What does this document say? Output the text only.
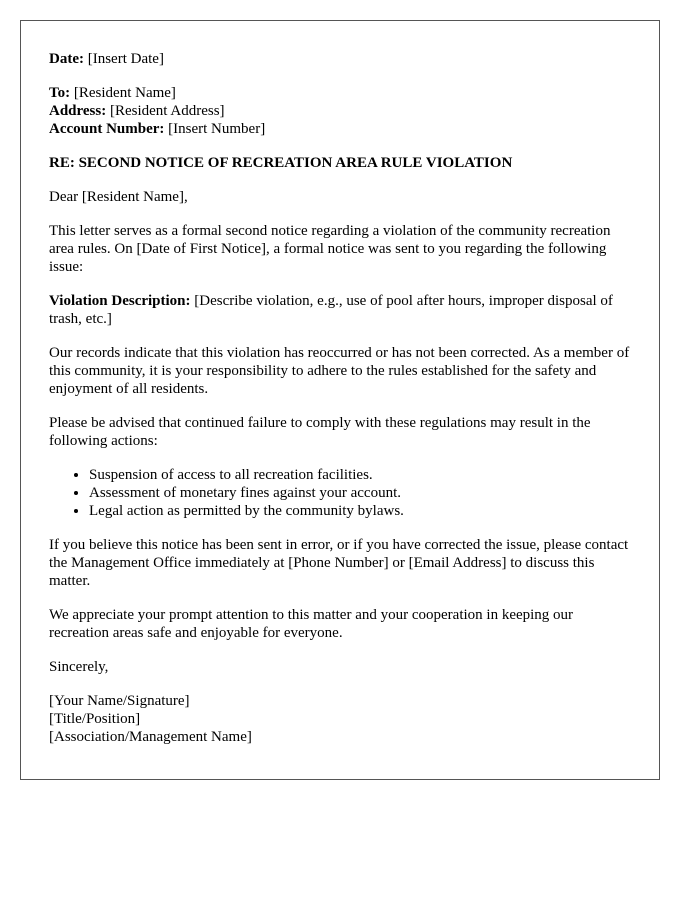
Date: [Insert Date]

To: [Resident Name]
Address: [Resident Address]
Account Number: [Insert Number]

RE: SECOND NOTICE OF RECREATION AREA RULE VIOLATION

Dear [Resident Name],

This letter serves as a formal second notice regarding a violation of the community recreation area rules. On [Date of First Notice], a formal notice was sent to you regarding the following issue:

Violation Description: [Describe violation, e.g., use of pool after hours, improper disposal of trash, etc.]

Our records indicate that this violation has reoccurred or has not been corrected. As a member of this community, it is your responsibility to adhere to the rules established for the safety and enjoyment of all residents.

Please be advised that continued failure to comply with these regulations may result in the following actions:

• Suspension of access to all recreation facilities.
• Assessment of monetary fines against your account.
• Legal action as permitted by the community bylaws.

If you believe this notice has been sent in error, or if you have corrected the issue, please contact the Management Office immediately at [Phone Number] or [Email Address] to discuss this matter.

We appreciate your prompt attention to this matter and your cooperation in keeping our recreation areas safe and enjoyable for everyone.

Sincerely,

[Your Name/Signature]
[Title/Position]
[Association/Management Name]
